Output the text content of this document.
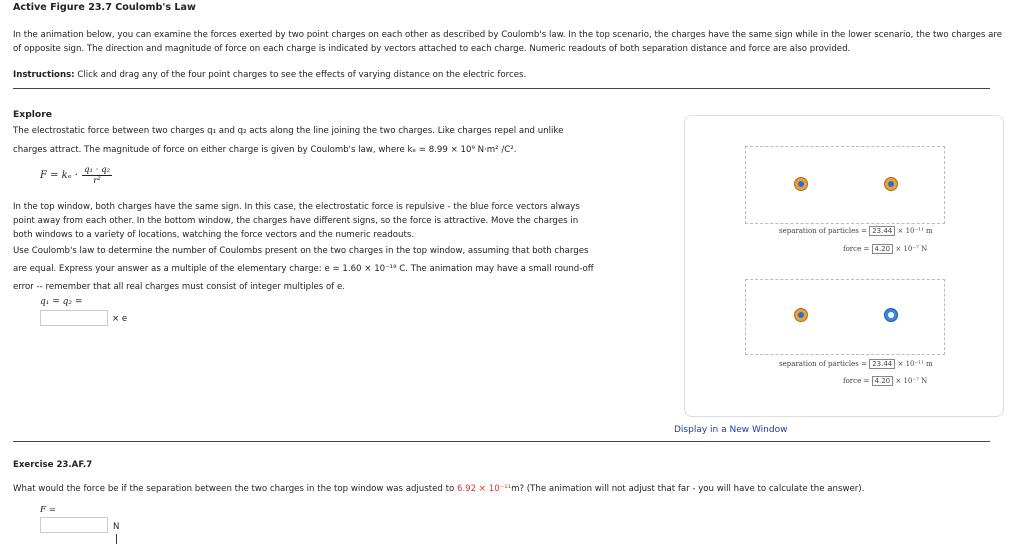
Active Figure 23.7 Coulomb's Law
In the animation below, you can examine the forces exerted by two point charges on each other as described by Coulomb's law. In the top scenario, the charges have the same sign while in the lower scenario, the two charges are of opposite sign. The direction and magnitude of force on each charge is indicated by vectors attached to each charge. Numeric readouts of both separation distance and force are also provided.
Instructions: Click and drag any of the four point charges to see the effects of varying distance on the electric forces.
Explore
The electrostatic force between two charges q₁ and q₂ acts along the line joining the two charges. Like charges repel and unlike charges attract. The magnitude of force on either charge is given by Coulomb's law, where kₑ = 8.99 × 10⁹ N·m² /C².
$F = k_e \cdot \frac{\text{q₁ · q₂}}{\text{r²}}$
In the top window, both charges have the same sign. In this case, the electrostatic force is repulsive - the blue force vectors always point away from each other. In the bottom window, the charges have different signs, so the force is attractive. Move the charges in both windows to a variety of locations, watching the force vectors and the numeric readouts.
Use Coulomb's law to determine the number of Coulombs present on the two charges in the top window, assuming that both charges are equal. Express your answer as a multiple of the elementary charge: e = 1.60 × 10⁻¹⁹ C. The animation may have a small round-off error -- remember that all real charges must consist of integer multiples of e.
q₁ = q₂ =
× e
separation of particles = 23.44 × 10⁻¹¹ m
force = 4.20 × 10⁻⁷ N
separation of particles = 23.44 × 10⁻¹¹ m
force = 4.20 × 10⁻⁷ N
Display in a New Window
Exercise 23.AF.7
What would the force be if the separation between the two charges in the top window was adjusted to 6.92 × 10⁻¹¹m? (The animation will not adjust that far - you will have to calculate the answer).
F =
N
